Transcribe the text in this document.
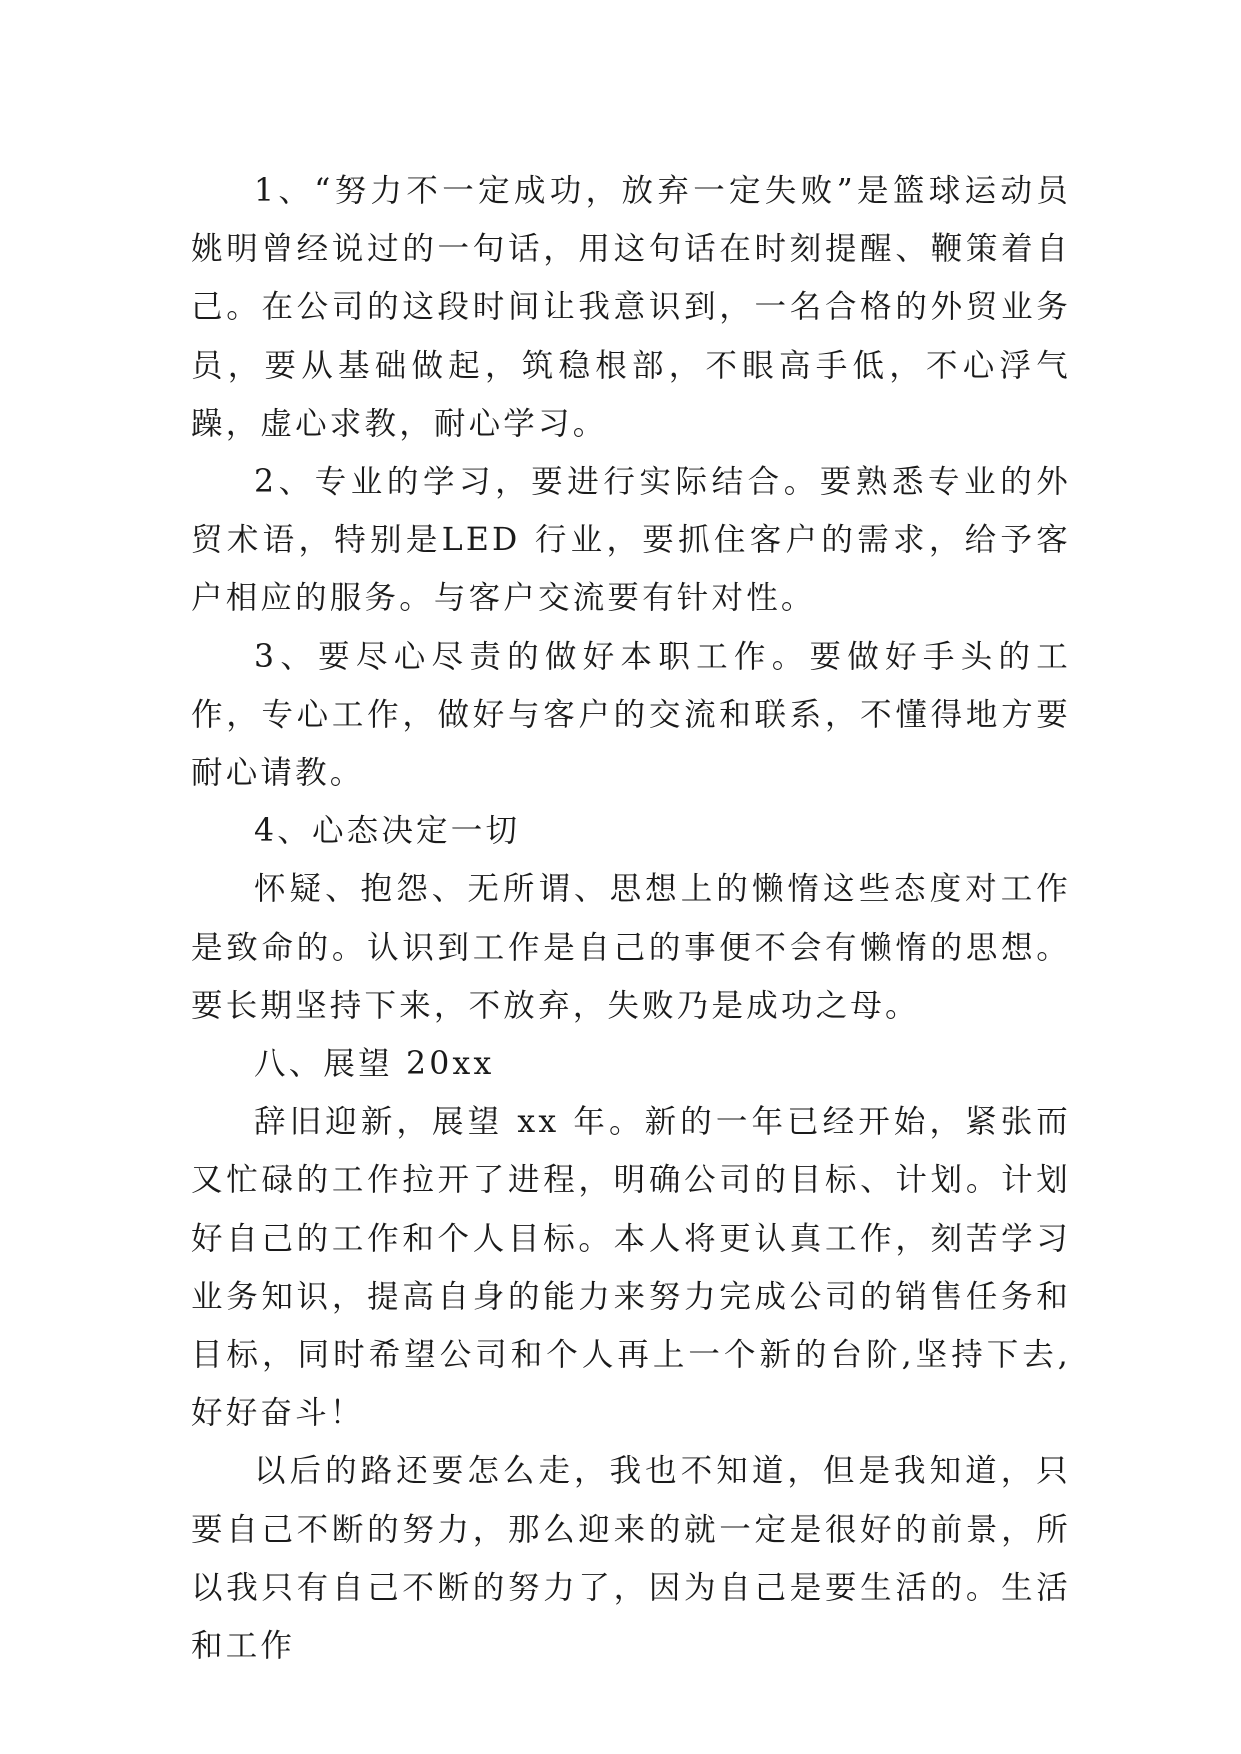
1、“努力不一定成功，放弃一定失败”是篮球运动员姚明曾经说过的一句话，用这句话在时刻提醒、鞭策着自己。在公司的这段时间让我意识到，一名合格的外贸业务员，要从基础做起，筑稳根部，不眼高手低，不心浮气躁，虚心求教，耐心学习。

2、专业的学习，要进行实际结合。要熟悉专业的外贸术语，特别是LED 行业，要抓住客户的需求，给予客户相应的服务。与客户交流要有针对性。

3、要尽心尽责的做好本职工作。要做好手头的工作，专心工作，做好与客户的交流和联系，不懂得地方要耐心请教。

4、心态决定一切

怀疑、抱怨、无所谓、思想上的懒惰这些态度对工作是致命的。认识到工作是自己的事便不会有懒惰的思想。要长期坚持下来，不放弃，失败乃是成功之母。

八、展望 20xx

辞旧迎新，展望 xx 年。新的一年已经开始，紧张而又忙碌的工作拉开了进程，明确公司的目标、计划。计划好自己的工作和个人目标。本人将更认真工作，刻苦学习业务知识，提高自身的能力来努力完成公司的销售任务和目标，同时希望公司和个人再上一个新的台阶,坚持下去,好好奋斗！

以后的路还要怎么走，我也不知道，但是我知道，只要自己不断的努力，那么迎来的就一定是很好的前景，所以我只有自己不断的努力了，因为自己是要生活的。生活和工作
